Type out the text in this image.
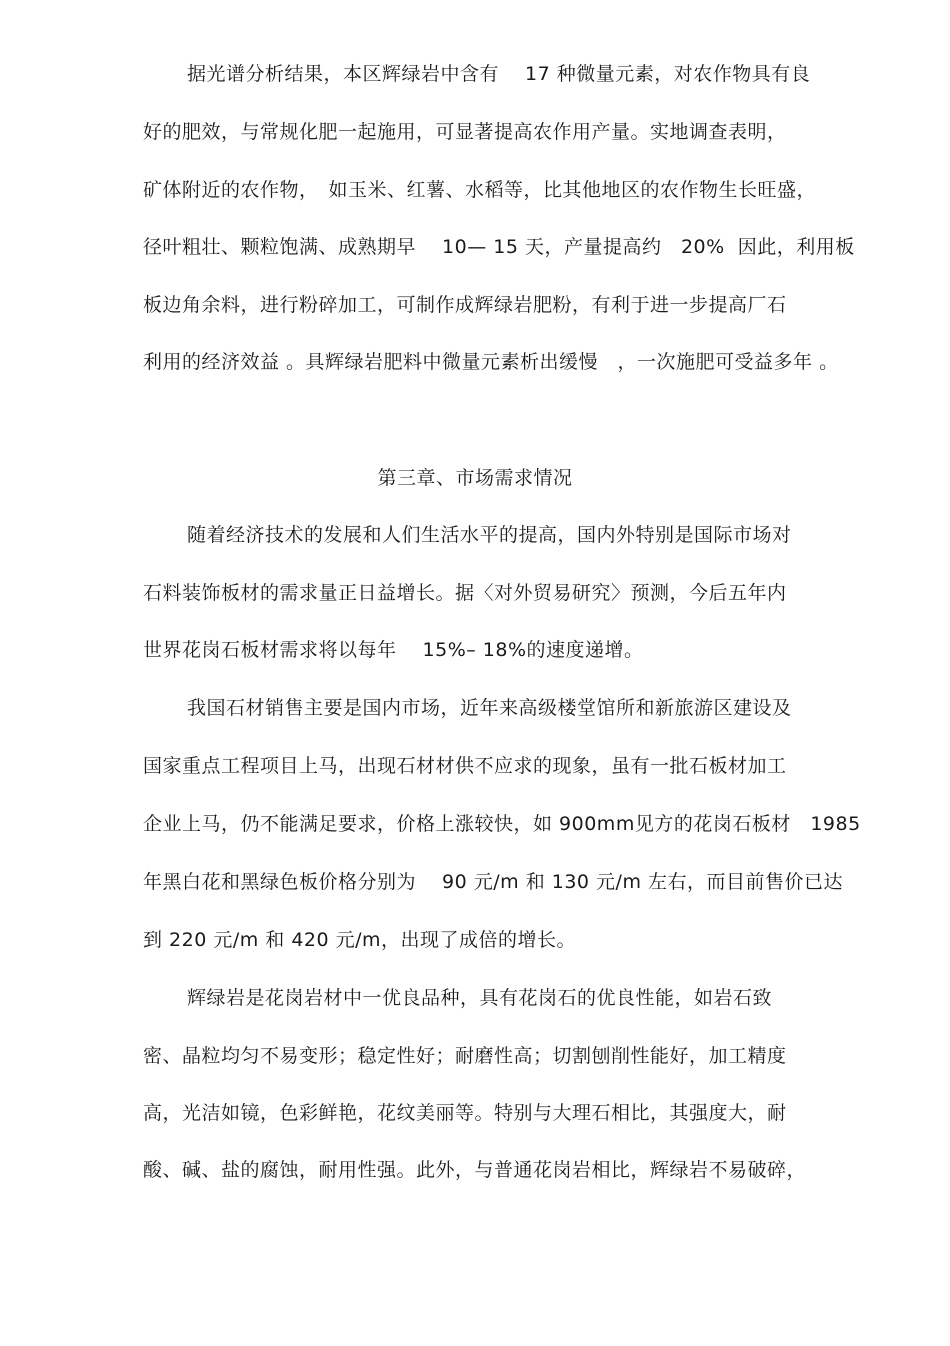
据光谱分析结果，本区辉绿岩中含有　 17 种微量元素，对农作物具有良
好的肥效，与常规化肥一起施用，可显著提高农作用产量。实地调查表明，
矿体附近的农作物，　如玉米、红薯、水稻等，比其他地区的农作物生长旺盛，
径叶粗壮、颗粒饱满、成熟期早　 10— 15 天，产量提高约　20%  因此，利用板
板边角余料，进行粉碎加工，可制作成辉绿岩肥粉，有利于进一步提高厂石
利用的经济效益 。具辉绿岩肥料中微量元素析出缓慢　，一次施肥可受益多年 。
第三章、市场需求情况
随着经济技术的发展和人们生活水平的提高，国内外特别是国际市场对
石料装饰板材的需求量正日益增长。据〈对外贸易研究〉预测，今后五年内
世界花岗石板材需求将以每年　 15%– 18%的速度递增。
我国石材销售主要是国内市场，近年来高级楼堂馆所和新旅游区建设及
国家重点工程项目上马，出现石材材供不应求的现象，虽有一批石板材加工
企业上马，仍不能满足要求，价格上涨较快，如 900mm见方的花岗石板材　1985
年黑白花和黑绿色板价格分别为　 90 元/m 和 130 元/m 左右，而目前售价已达
到 220 元/m 和 420 元/m，出现了成倍的增长。
辉绿岩是花岗岩材中一优良品种，具有花岗石的优良性能，如岩石致
密、晶粒均匀不易变形；稳定性好；耐磨性高；切割刨削性能好，加工精度
高，光洁如镜，色彩鲜艳，花纹美丽等。特别与大理石相比，其强度大，耐
酸、碱、盐的腐蚀，耐用性强。此外，与普通花岗岩相比，辉绿岩不易破碎，
